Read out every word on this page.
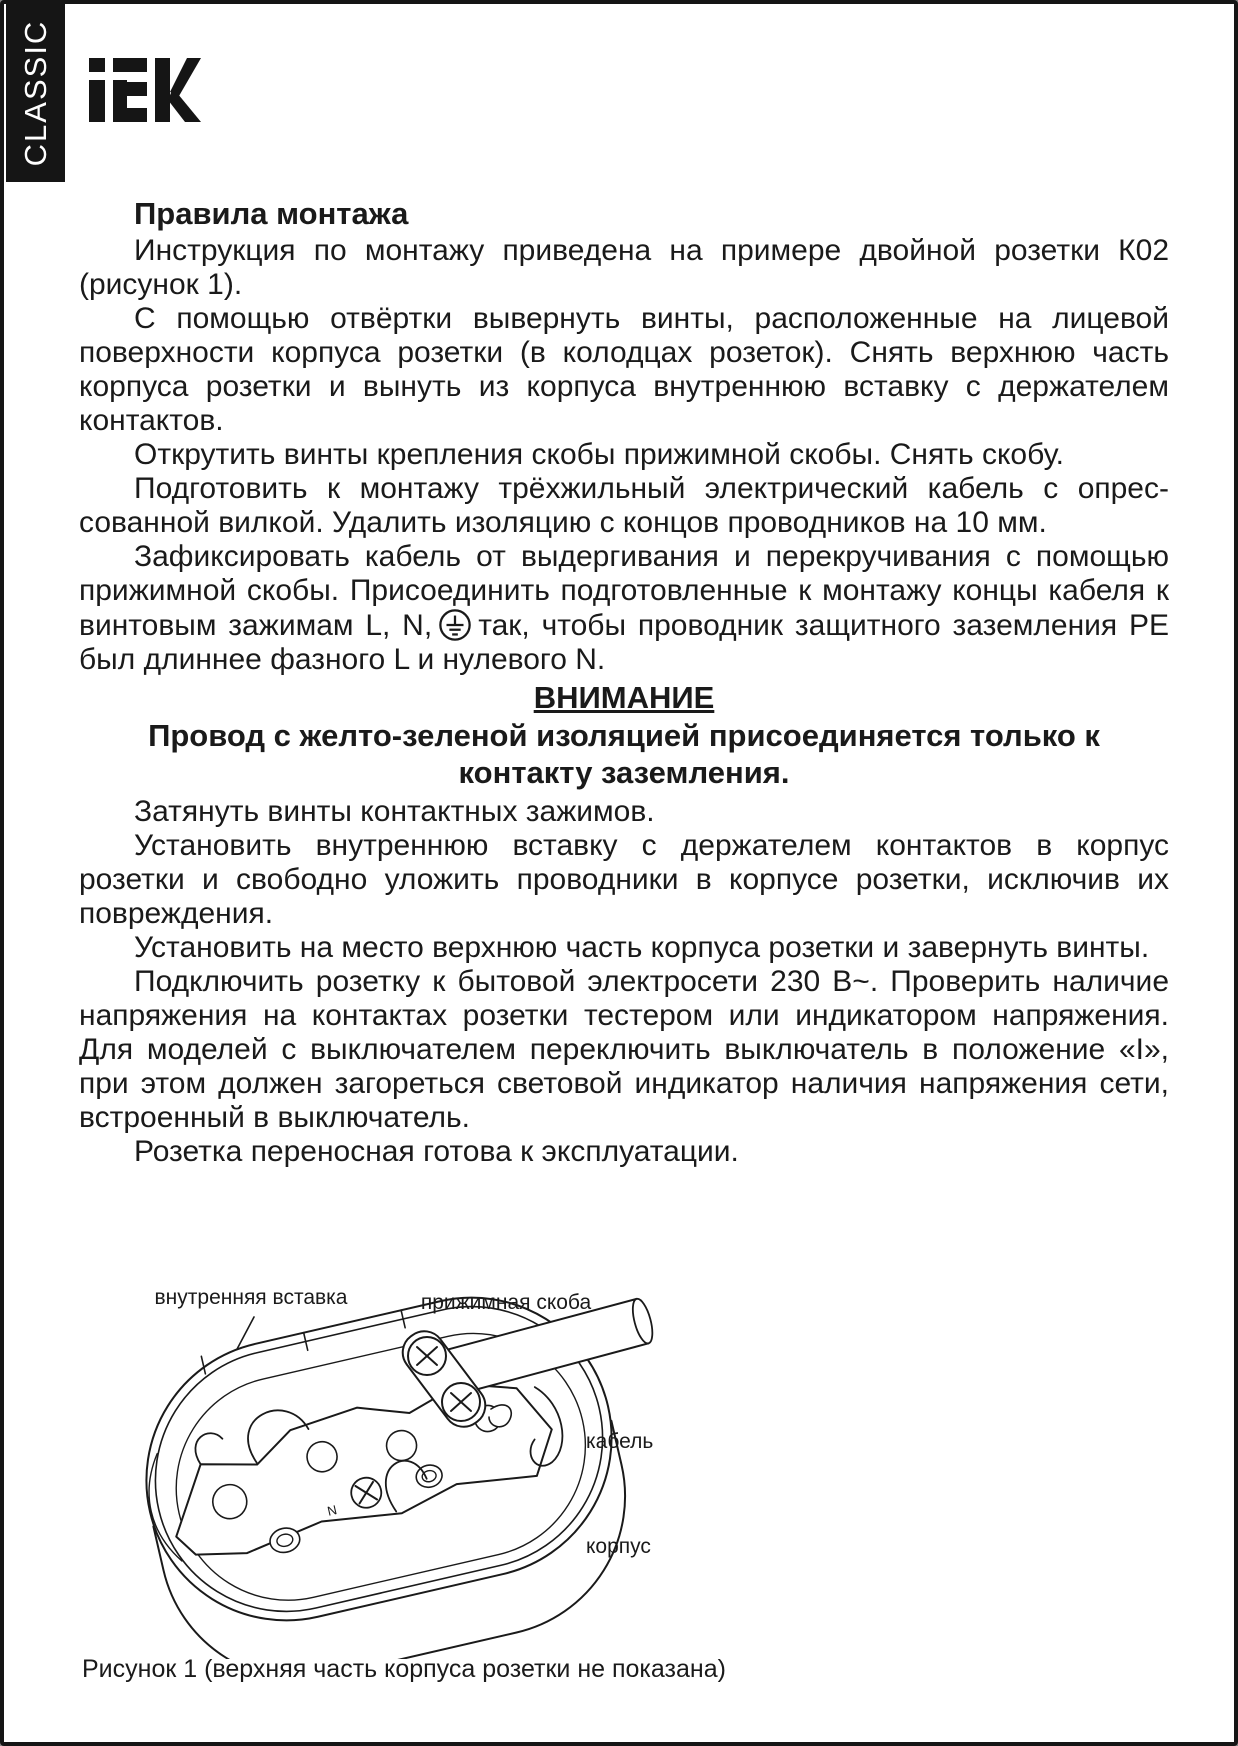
CLASSIC
Правила монтажа

Инструкция по монтажу приведена на примере двойной розетки К02 (рисунок 1).

С помощью отвёртки вывернуть винты, расположенные на лицевой поверхности корпуса розетки (в колодцах розеток). Снять верхнюю часть корпуса розетки и вынуть из корпуса внутреннюю вставку с держателем контактов.

Открутить винты крепления скобы прижимной скобы. Снять скобу.

Подготовить к монтажу трёхжильный электрический кабель с опрессованной вилкой. Удалить изоляцию с концов проводников на 10 мм.

Зафиксировать кабель от выдергивания и перекручивания с помощью прижимной скобы. Присоединить подготовленные к монтажу концы кабеля к винтовым зажимам L, N, так, чтобы проводник защитного заземления РЕ был длиннее фазного L и нулевого N.

ВНИМАНИЕ

Провод с желто-зеленой изоляцией присоединяется только к контакту заземления.

Затянуть винты контактных зажимов.

Установить внутреннюю вставку с держателем контактов в корпус розетки и свободно уложить проводники в корпусе розетки, исключив их повреждения.

Установить на место верхнюю часть корпуса розетки и завернуть винты.

Подключить розетку к бытовой электросети 230 В~. Проверить наличие напряжения на контактах розетки тестером или индикатором напряжения. Для моделей с выключателем переключить выключатель в положение «I», при этом должен загореться световой индикатор наличия напряжения сети, встроенный в выключатель.

Розетка переносная готова к эксплуатации.

N
внутренняя вставка	прижимная скоба
кабель
корпус
Рисунок 1 (верхняя часть корпуса розетки не показана)
